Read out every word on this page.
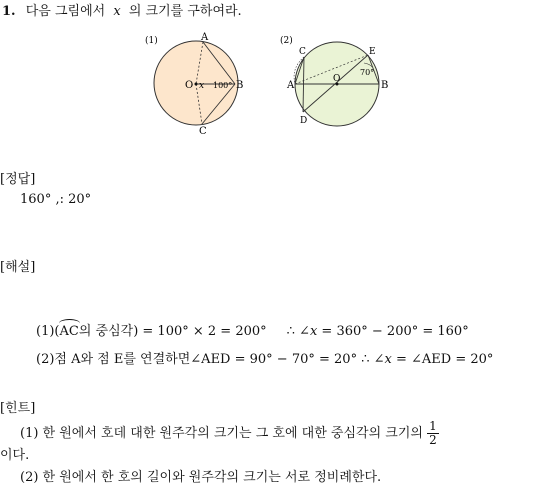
1. 다음 그림에서 x 의 크기를 구하여라.
(1)	A
B
C
O x 100°
(2)
C	E
A	B
D
O
70°
[정답]
160° ,: 20°
[해설]
(1)(AC의 중심각) = 100° × 2 = 200° ∴ ∠x = 360° − 200° = 160°
(2)점 A와 점 E를 연결하면∠AED = 90° − 70° = 20° ∴ ∠x = ∠AED = 20°
[힌트]
(1) 한 원에서 호데 대한 원주각의 크기는 그 호에 대한 중심각의 크기의 $\frac{1}{2}$
이다.
(2) 한 원에서 한 호의 길이와 원주각의 크기는 서로 정비례한다.
